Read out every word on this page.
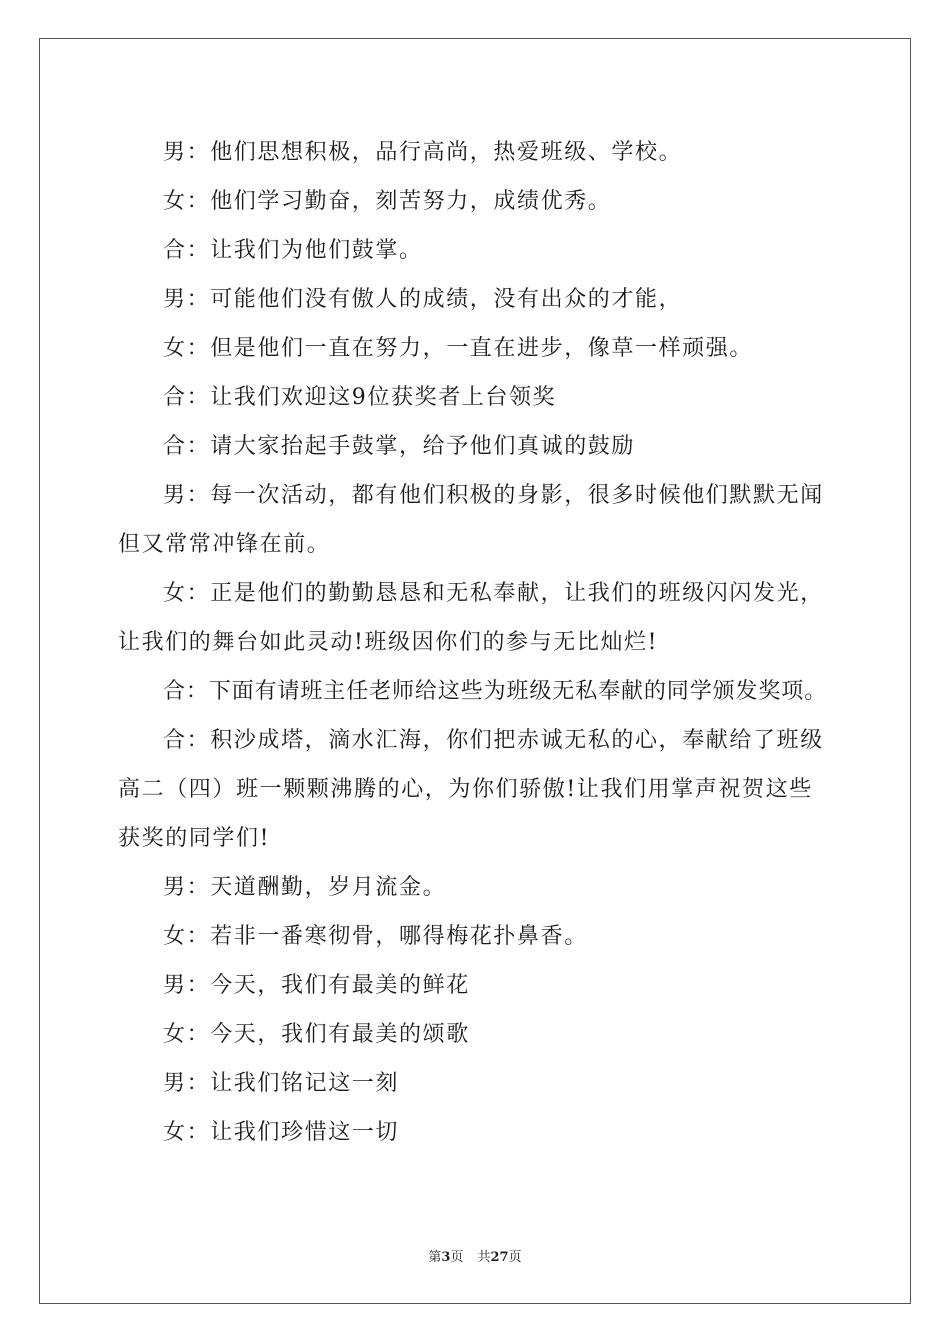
男：他们思想积极，品行高尚，热爱班级、学校。
女：他们学习勤奋，刻苦努力，成绩优秀。
合：让我们为他们鼓掌。
男：可能他们没有傲人的成绩，没有出众的才能，
女：但是他们一直在努力，一直在进步，像草一样顽强。
合：让我们欢迎这9位获奖者上台领奖
合：请大家抬起手鼓掌，给予他们真诚的鼓励
男：每一次活动，都有他们积极的身影，很多时候他们默默无闻
但又常常冲锋在前。
女：正是他们的勤勤恳恳和无私奉献，让我们的班级闪闪发光，
让我们的舞台如此灵动!班级因你们的参与无比灿烂!
合：下面有请班主任老师给这些为班级无私奉献的同学颁发奖项。
合：积沙成塔，滴水汇海，你们把赤诚无私的心，奉献给了班级
高二（四）班一颗颗沸腾的心，为你们骄傲!让我们用掌声祝贺这些
获奖的同学们!
男：天道酬勤，岁月流金。
女：若非一番寒彻骨，哪得梅花扑鼻香。
男：今天，我们有最美的鲜花
女：今天，我们有最美的颂歌
男：让我们铭记这一刻
女：让我们珍惜这一切
第3页 共27页
